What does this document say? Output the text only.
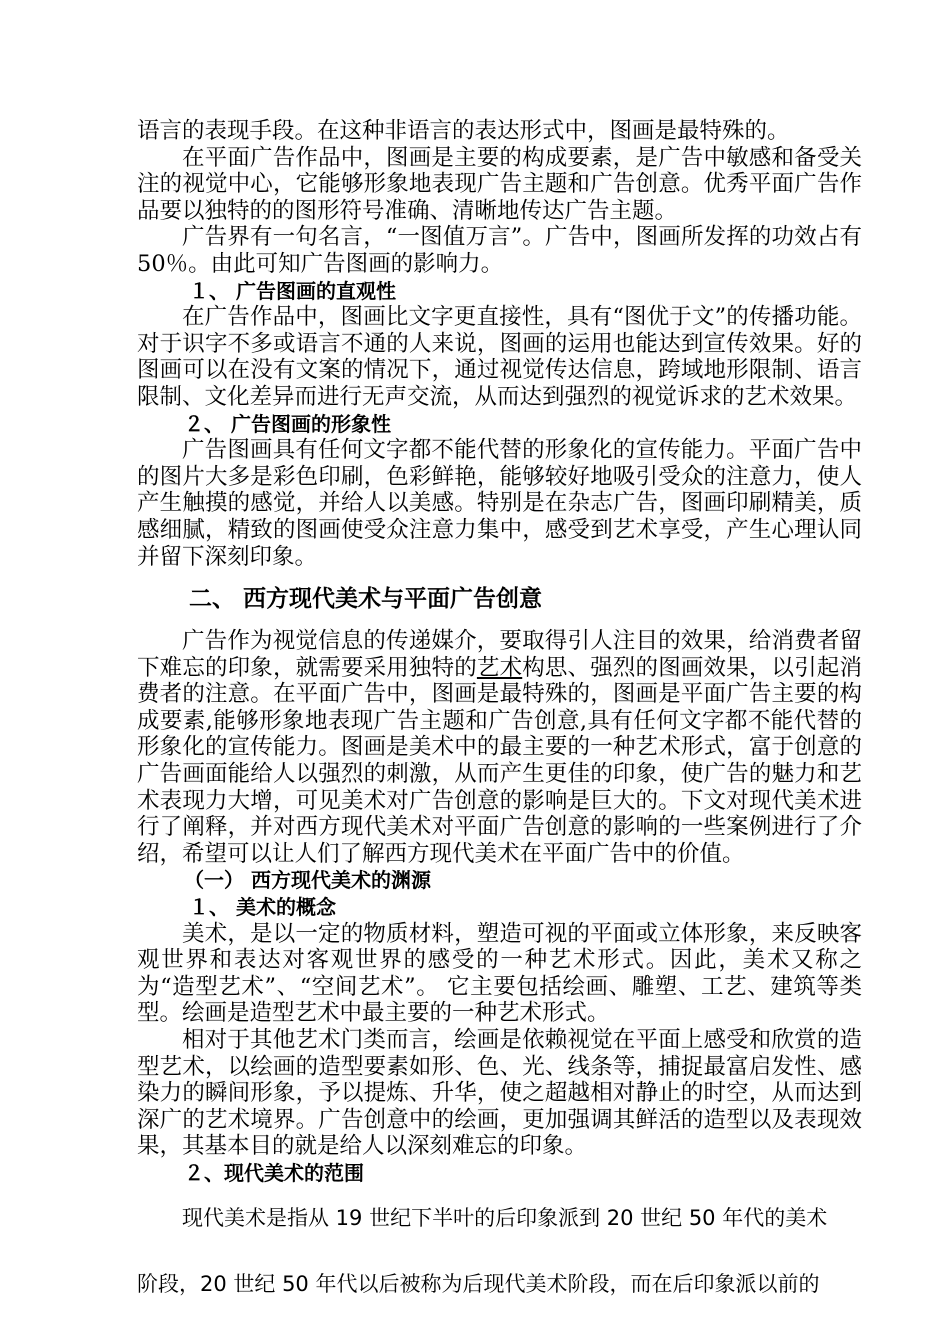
语言的表现手段。在这种非语言的表达形式中，图画是最特殊的。

在平面广告作品中，图画是主要的构成要素，是广告中敏感和备受关注的视觉中心，它能够形象地表现广告主题和广告创意。优秀平面广告作品要以独特的的图形符号准确、清晰地传达广告主题。

广告界有一句名言，“一图值万言”。广告中，图画所发挥的功效占有50％。由此可知广告图画的影响力。

１、 广告图画的直观性

在广告作品中，图画比文字更直接性，具有“图优于文”的传播功能。对于识字不多或语言不通的人来说，图画的运用也能达到宣传效果。好的图画可以在没有文案的情况下，通过视觉传达信息，跨域地形限制、语言限制、文化差异而进行无声交流，从而达到强烈的视觉诉求的艺术效果。

２、 广告图画的形象性

广告图画具有任何文字都不能代替的形象化的宣传能力。平面广告中的图片大多是彩色印刷，色彩鲜艳，能够较好地吸引受众的注意力，使人产生触摸的感觉，并给人以美感。特别是在杂志广告，图画印刷精美，质感细腻，精致的图画使受众注意力集中，感受到艺术享受，产生心理认同并留下深刻印象。

二、 西方现代美术与平面广告创意

广告作为视觉信息的传递媒介，要取得引人注目的效果，给消费者留下难忘的印象，就需要采用独特的艺术构思、强烈的图画效果，以引起消费者的注意。在平面广告中，图画是最特殊的，图画是平面广告主要的构成要素,能够形象地表现广告主题和广告创意,具有任何文字都不能代替的形象化的宣传能力。图画是美术中的最主要的一种艺术形式，富于创意的广告画面能给人以强烈的刺激，从而产生更佳的印象，使广告的魅力和艺术表现力大增，可见美术对广告创意的影响是巨大的。下文对现代美术进行了阐释，并对西方现代美术对平面广告创意的影响的一些案例进行了介绍，希望可以让人们了解西方现代美术在平面广告中的价值。

（一） 西方现代美术的渊源

１、 美术的概念

美术，是以一定的物质材料，塑造可视的平面或立体形象，来反映客观世界和表达对客观世界的感受的一种艺术形式。因此，美术又称之为“造型艺术”、“空间艺术”。 它主要包括绘画、雕塑、工艺、建筑等类型。绘画是造型艺术中最主要的一种艺术形式。

相对于其他艺术门类而言，绘画是依赖视觉在平面上感受和欣赏的造型艺术，以绘画的造型要素如形、色、光、线条等，捕捉最富启发性、感染力的瞬间形象，予以提炼、升华，使之超越相对静止的时空，从而达到深广的艺术境界。广告创意中的绘画，更加强调其鲜活的造型以及表现效果，其基本目的就是给人以深刻难忘的印象。

２、现代美术的范围

现代美术是指从 19 世纪下半叶的后印象派到 20 世纪 50 年代的美术
阶段，20 世纪 50 年代以后被称为后现代美术阶段，而在后印象派以前的
